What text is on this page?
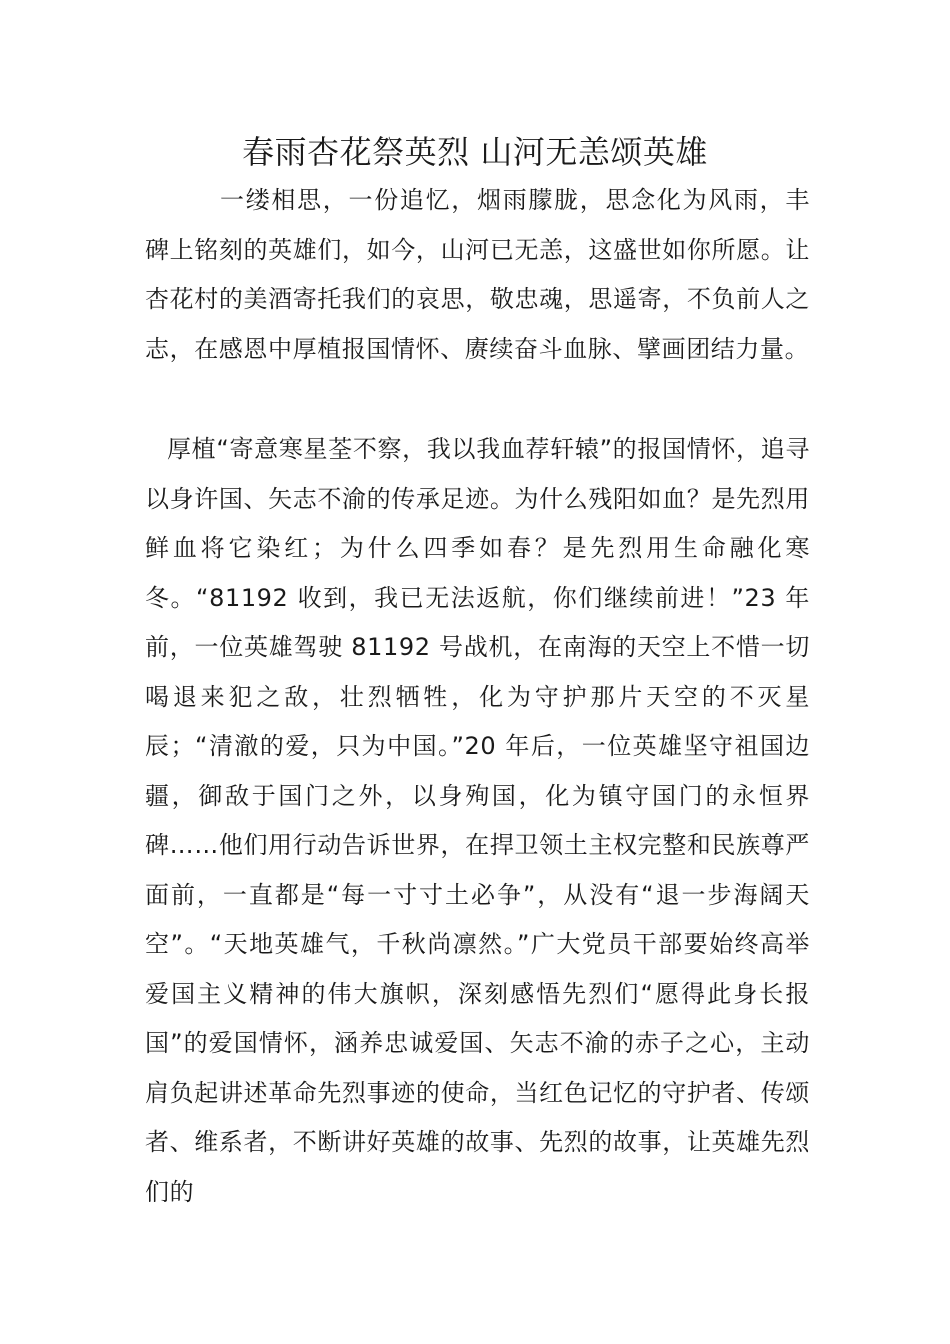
春雨杏花祭英烈 山河无恙颂英雄

一缕相思，一份追忆，烟雨朦胧，思念化为风雨，丰碑上铭刻的英雄们，如今，山河已无恙，这盛世如你所愿。让杏花村的美酒寄托我们的哀思，敬忠魂，思遥寄，不负前人之志，在感恩中厚植报国情怀、赓续奋斗血脉、擘画团结力量。

厚植“寄意寒星荃不察，我以我血荐轩辕”的报国情怀，追寻以身许国、矢志不渝的传承足迹。为什么残阳如血？是先烈用鲜血将它染红；为什么四季如春？是先烈用生命融化寒冬。“81192 收到，我已无法返航，你们继续前进！”23 年前，一位英雄驾驶 81192 号战机，在南海的天空上不惜一切喝退来犯之敌，壮烈牺牲，化为守护那片天空的不灭星辰；“清澈的爱，只为中国。”20 年后，一位英雄坚守祖国边疆，御敌于国门之外，以身殉国，化为镇守国门的永恒界碑……他们用行动告诉世界，在捍卫领土主权完整和民族尊严面前，一直都是“每一寸寸土必争”，从没有“退一步海阔天空”。“天地英雄气，千秋尚凛然。”广大党员干部要始终高举爱国主义精神的伟大旗帜，深刻感悟先烈们“愿得此身长报国”的爱国情怀，涵养忠诚爱国、矢志不渝的赤子之心，主动肩负起讲述革命先烈事迹的使命，当红色记忆的守护者、传颂者、维系者，不断讲好英雄的故事、先烈的故事，让英雄先烈们的
